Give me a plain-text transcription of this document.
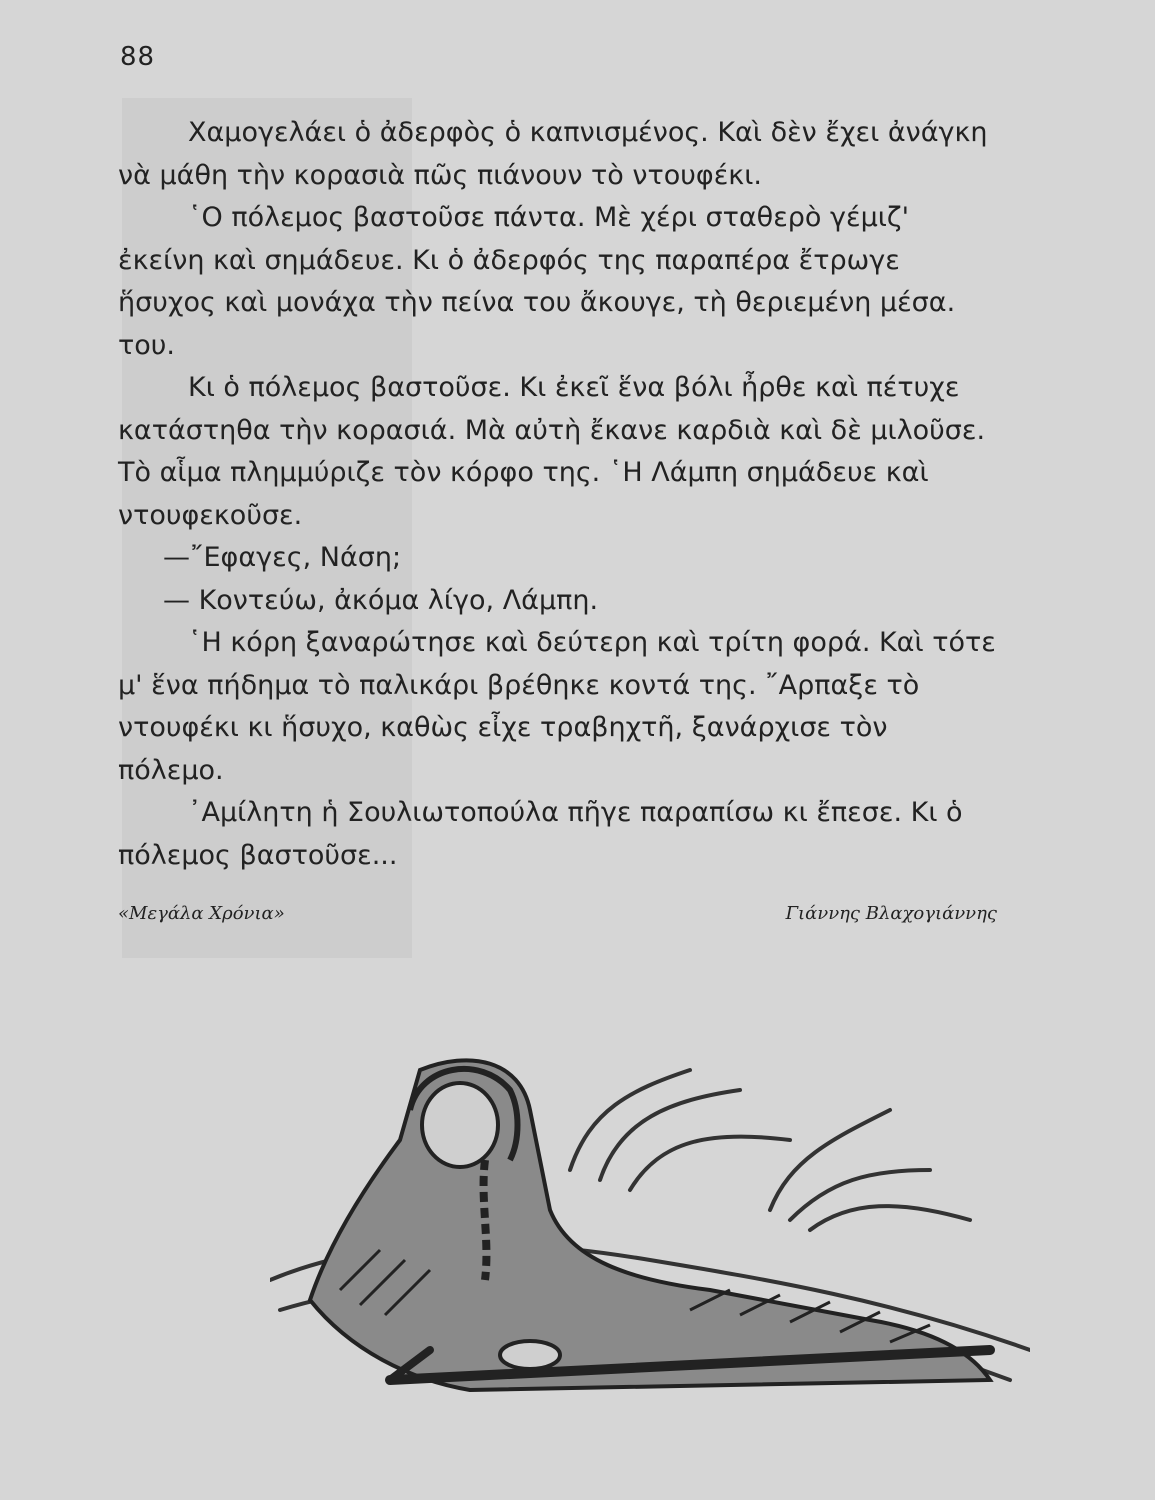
88

Χαμογελάει ὁ ἀδερφὸς ὁ καπνισμένος. Καὶ δὲν ἔχει ἀνάγκη νὰ μάθη τὴν κορασιὰ πῶς πιάνουν τὸ ντουφέκι.

῾Ο πόλεμος βαστοῦσε πάντα. Μὲ χέρι σταθερὸ γέμιζ' ἐκείνη καὶ σημάδευε. Κι ὁ ἀδερφός της παραπέρα ἔτρωγε ἥσυχος καὶ μονάχα τὴν πείνα του ἄκουγε, τὴ θεριεμένη μέσα. του.

Κι ὁ πόλεμος βαστοῦσε. Κι ἐκεῖ ἕνα βόλι ἦρθε καὶ πέτυχε κατάστηθα τὴν κορασιά. Μὰ αὐτὴ ἔκανε καρδιὰ καὶ δὲ μιλοῦσε. Τὸ αἷμα πλημμύριζε τὸν κόρφο της. ῾Η Λάμπη σημάδευε καὶ ντουφεκοῦσε.

—῎Εφαγες, Νάση;

— Κοντεύω, ἀκόμα λίγο, Λάμπη.

῾Η κόρη ξαναρώτησε καὶ δεύτερη καὶ τρίτη φορά. Καὶ τότε μ' ἕνα πήδημα τὸ παλικάρι βρέθηκε κοντά της. ῎Αρπαξε τὸ ντουφέκι κι ἥσυχο, καθὼς εἶχε τραβηχτῆ, ξανάρχισε τὸν πόλεμο.

᾽Αμίλητη ἡ Σουλιωτοπούλα πῆγε παραπίσω κι ἔπεσε. Κι ὁ πόλεμος βαστοῦσε...

«Μεγάλα Χρόνια»	Γιάννης Βλαχογιάννης
